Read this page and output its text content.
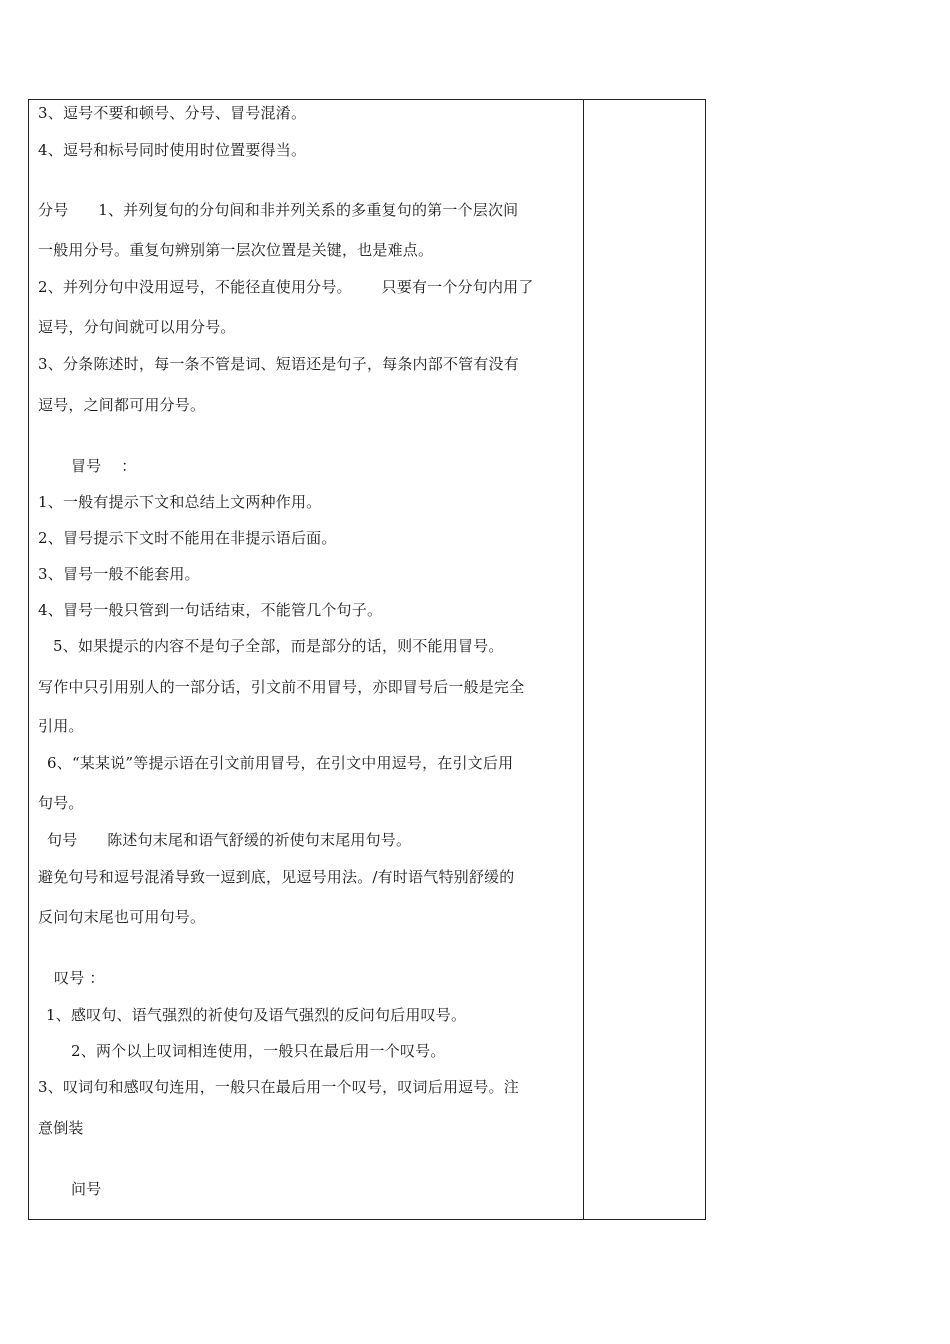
3、逗号不要和顿号、分号、冒号混淆。
4、逗号和标号同时使用时位置要得当。
分号      1、并列复句的分句间和非并列关系的多重复句的第一个层次间
一般用分号。重复句辨别第一层次位置是关键，也是难点。
2、并列分句中没用逗号，不能径直使用分号。      只要有一个分句内用了
逗号，分句间就可以用分号。
3、分条陈述时，每一条不管是词、短语还是句子，每条内部不管有没有
逗号，之间都可用分号。
冒号    ：
1、一般有提示下文和总结上文两种作用。
2、冒号提示下文时不能用在非提示语后面。
3、冒号一般不能套用。
4、冒号一般只管到一句话结束，不能管几个句子。
5、如果提示的内容不是句子全部，而是部分的话，则不能用冒号。
写作中只引用别人的一部分话，引文前不用冒号，亦即冒号后一般是完全
引用。
6、“某某说”等提示语在引文前用冒号，在引文中用逗号，在引文后用
句号。
句号      陈述句末尾和语气舒缓的祈使句末尾用句号。
避免句号和逗号混淆导致一逗到底，见逗号用法。/有时语气特别舒缓的
反问句末尾也可用句号。
叹号 ：
1、感叹句、语气强烈的祈使句及语气强烈的反问句后用叹号。
2、两个以上叹词相连使用，一般只在最后用一个叹号。
3、叹词句和感叹句连用，一般只在最后用一个叹号，叹词后用逗号。注
意倒装
问号
